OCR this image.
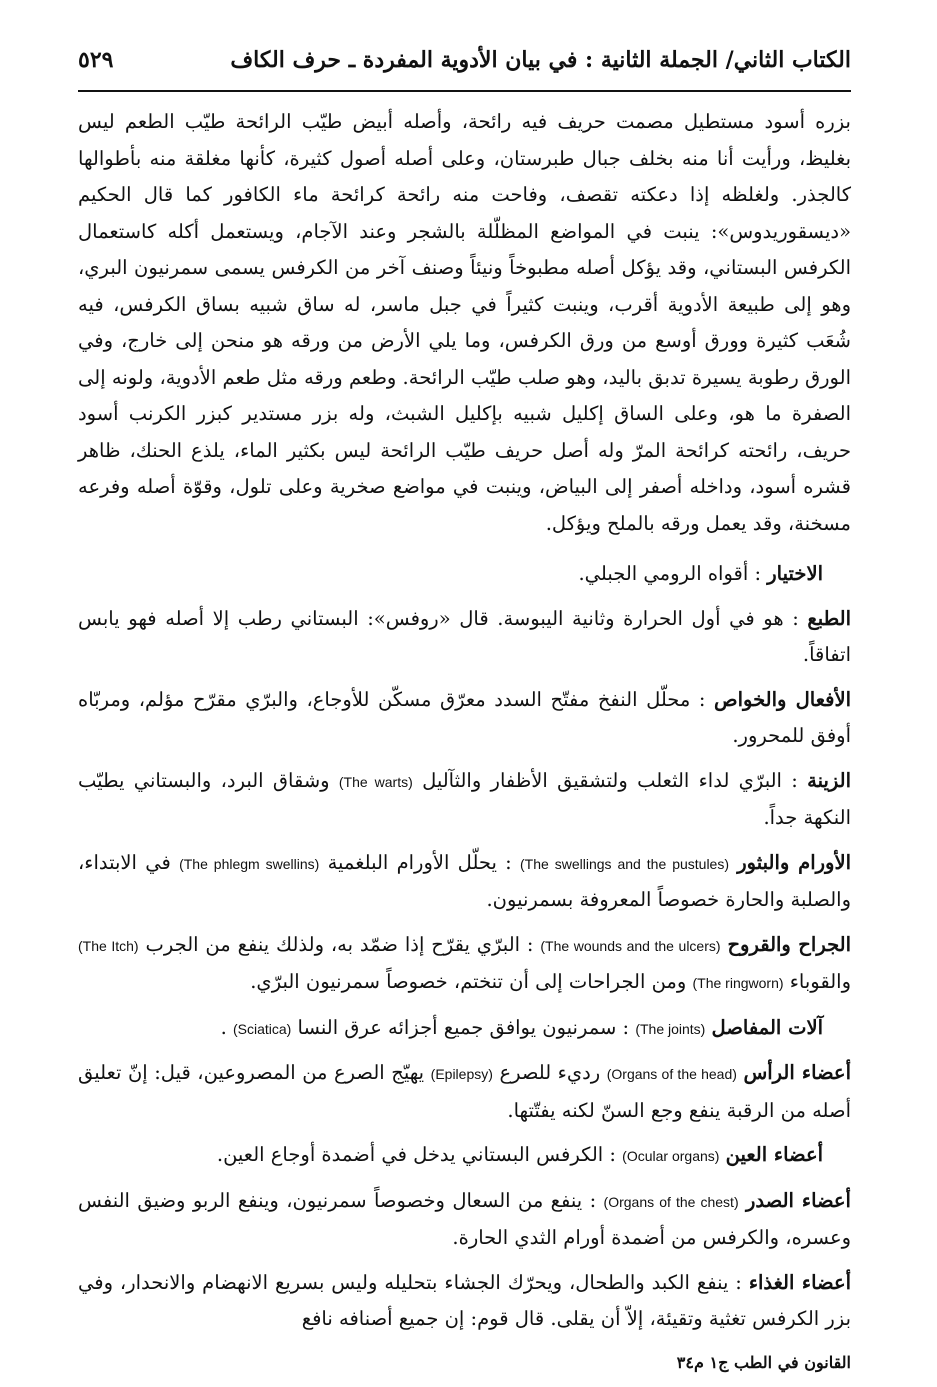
الكتاب الثاني/ الجملة الثانية : في بيان الأدوية المفردة ـ حرف الكاف
٥٢٩

بزره أسود مستطيل مصمت حريف فيه رائحة، وأصله أبيض طيّب الرائحة طيّب الطعم ليس بغليظ، ورأيت أنا منه بخلف جبال طبرستان، وعلى أصله أصول كثيرة، كأنها مغلقة منه بأطوالها كالجذر. ولغلظه إذا دعكته تقصف، وفاحت منه رائحة كرائحة ماء الكافور كما قال الحكيم «ديسقوريدوس»: ينبت في المواضع المظلّلة بالشجر وعند الآجام، ويستعمل أكله كاستعمال الكرفس البستاني، وقد يؤكل أصله مطبوخاً ونيئاً وصنف آخر من الكرفس يسمى سمرنيون البري، وهو إلى طبيعة الأدوية أقرب، وينبت كثيراً في جبل ماسر، له ساق شبيه بساق الكرفس، فيه شُعَب كثيرة وورق أوسع من ورق الكرفس، وما يلي الأرض من ورقه هو منحن إلى خارج، وفي الورق رطوبة يسيرة تدبق باليد، وهو صلب طيّب الرائحة. وطعم ورقه مثل طعم الأدوية، ولونه إلى الصفرة ما هو، وعلى الساق إكليل شبيه بإكليل الشبث، وله بزر مستدير كبزر الكرنب أسود حريف، رائحته كرائحة المرّ وله أصل حريف طيّب الرائحة ليس بكثير الماء، يلذع الحنك، ظاهر قشره أسود، وداخله أصفر إلى البياض، وينبت في مواضع صخرية وعلى تلول، وقوّة أصله وفرعه مسخنة، وقد يعمل ورقه بالملح ويؤكل.

الاختيار : أقواه الرومي الجبلي.

الطبع : هو في أول الحرارة وثانية اليبوسة. قال «روفس»: البستاني رطب إلا أصله فهو يابس اتفاقاً.

الأفعال والخواص : محلّل النفخ مفتّح السدد معرّق مسكّن للأوجاع، والبرّي مقرّح مؤلم، ومربّاه أوفق للمحرور.

الزينة : البرّي لداء الثعلب ولتشقيق الأظفار والثآليل (The warts) وشقاق البرد، والبستاني يطيّب النكهة جداً.

الأورام والبثور (The swellings and the pustules) : يحلّل الأورام البلغمية (The phlegm swellins) في الابتداء، والصلبة والحارة خصوصاً المعروفة بسمرنيون.

الجراح والقروح (The wounds and the ulcers) : البرّي يقرّح إذا ضمّد به، ولذلك ينفع من الجرب (The Itch) والقوباء (The ringworn) ومن الجراحات إلى أن تنختم، خصوصاً سمرنيون البرّي.

آلات المفاصل (The joints) : سمرنيون يوافق جميع أجزائه عرق النسا (Sciatica) .

أعضاء الرأس (Organs of the head) رديء للصرع (Epilepsy) يهيّج الصرع من المصروعين، قيل: إنّ تعليق أصله من الرقبة ينفع وجع السنّ لكنه يفتّتها.

أعضاء العين (Ocular organs) : الكرفس البستاني يدخل في أضمدة أوجاع العين.

أعضاء الصدر (Organs of the chest) : ينفع من السعال وخصوصاً سمرنيون، وينفع الربو وضيق النفس وعسره، والكرفس من أضمدة أورام الثدي الحارة.

أعضاء الغذاء : ينفع الكبد والطحال، ويحرّك الجشاء بتحليله وليس بسريع الانهضام والانحدار، وفي بزر الكرفس تغثية وتقيئة، إلاّ أن يقلى. قال قوم: إن جميع أصنافه نافع

القانون في الطب ج١ م٣٤
